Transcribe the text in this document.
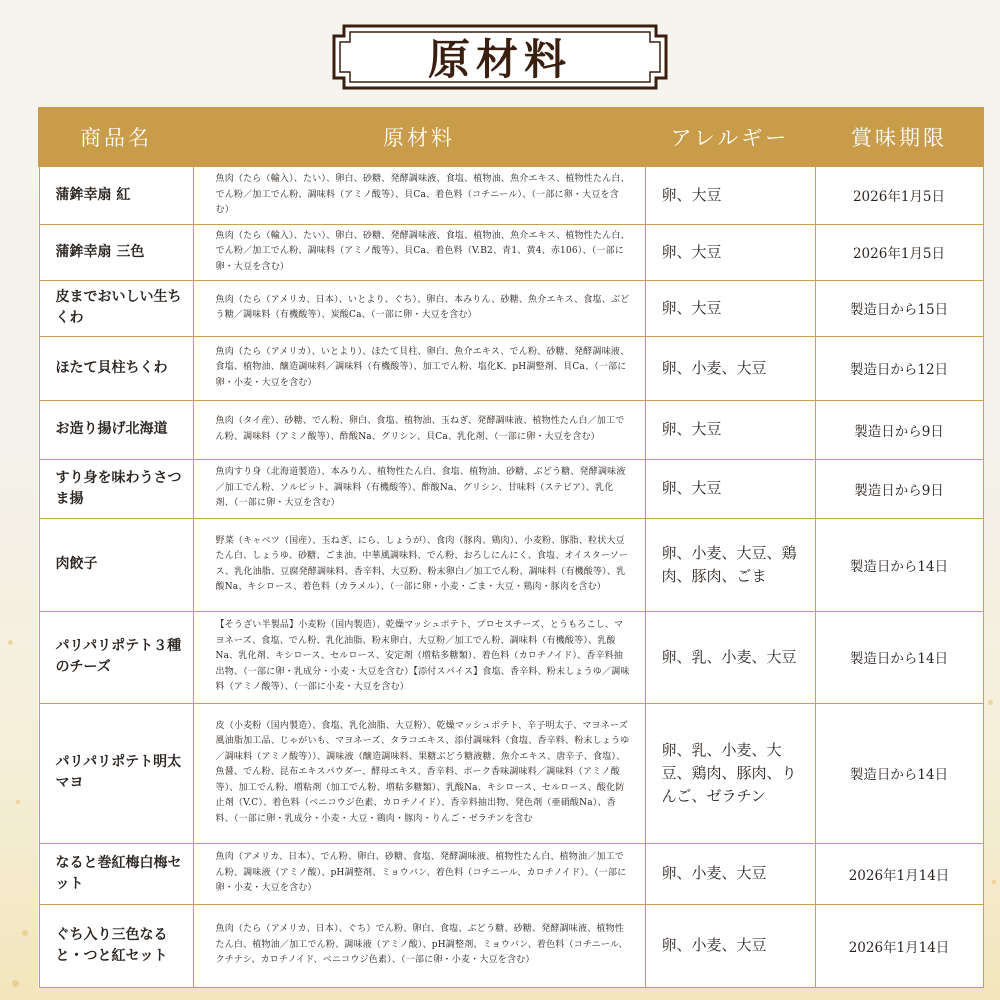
原材料
商品名	原材料	アレルギー	賞味期限
蒲鉾幸扇 紅	魚肉（たら（輸入）、たい）、卵白、砂糖、発酵調味液、食塩、植物油、魚介エキス、植物性たん白、でん粉／加工でん粉、調味料（アミノ酸等）、貝Ca、着色料（コチニール）、（一部に卵・大豆を含む）	卵、大豆	2026年1月5日
蒲鉾幸扇 三色	魚肉（たら（輸入）、たい）、卵白、砂糖、発酵調味液、食塩、植物油、魚介エキス、植物性たん白、でん粉／加工でん粉、調味料（アミノ酸等）、貝Ca、着色料（V.B2、青1、黄4、赤106）、（一部に卵・大豆を含む）	卵、大豆	2026年1月5日
皮までおいしい生ちくわ	魚肉（たら（アメリカ、日本）、いとより、ぐち）、卵白、本みりん、砂糖、魚介エキス、食塩、ぶどう糖／調味料（有機酸等）、炭酸Ca、（一部に卵・大豆を含む）	卵、大豆	製造日から15日
ほたて貝柱ちくわ	魚肉（たら（アメリカ）、いとより）、ほたて貝柱、卵白、魚介エキス、でん粉、砂糖、発酵調味液、食塩、植物油、醸造調味料／調味料（有機酸等）、加工でん粉、塩化K、pH調整剤、貝Ca、（一部に卵・小麦・大豆を含む）	卵、小麦、大豆	製造日から12日
お造り揚げ北海道	魚肉（タイ産）、砂糖、でん粉、卵白、食塩、植物油、玉ねぎ、発酵調味液、植物性たん白／加工でん粉、調味料（アミノ酸等）、酢酸Na、グリシン、貝Ca、乳化剤、（一部に卵・大豆を含む）	卵、大豆	製造日から9日
すり身を味わうさつま揚	魚肉すり身（北海道製造）、本みりん、植物性たん白、食塩、植物油、砂糖、ぶどう糖、発酵調味液／加工でん粉、ソルビット、調味料（有機酸等）、酢酸Na、グリシン、甘味料（ステビア）、乳化剤、（一部に卵・大豆を含む）	卵、大豆	製造日から9日
肉餃子	野菜（キャベツ（国産）、玉ねぎ、にら、しょうが）、食肉（豚肉、鶏肉）、小麦粉、豚脂、粒状大豆たん白、しょうゆ、砂糖、ごま油、中華風調味料、でん粉、おろしにんにく、食塩、オイスターソース、乳化油脂、豆腐発酵調味料、香辛料、大豆粉、粉末卵白／加工でん粉、調味料（有機酸等）、乳酸Na、キシロース、着色料（カラメル）、（一部に卵・小麦・ごま・大豆・鶏肉・豚肉を含む）	卵、小麦、大豆、鶏肉、豚肉、ごま	製造日から14日
パリパリポテト３種のチーズ	【そうざい半製品】小麦粉（国内製造）、乾燥マッシュポテト、プロセスチーズ、とうもろこし、マヨネーズ、食塩、でん粉、乳化油脂、粉末卵白、大豆粉／加工でん粉、調味料（有機酸等）、乳酸Na、乳化剤、キシロース、セルロース、安定剤（増粘多糖類）、着色料（カロチノイド）、香辛料抽出物、（一部に卵・乳成分・小麦・大豆を含む）【添付スパイス】食塩、香辛料、粉末しょうゆ／調味料（アミノ酸等）、（一部に小麦・大豆を含む）	卵、乳、小麦、大豆	製造日から14日
パリパリポテト明太マヨ	皮（小麦粉（国内製造）、食塩、乳化油脂、大豆粉）、乾燥マッシュポテト、辛子明太子、マヨネーズ風油脂加工品、じゃがいも、マヨネーズ、タラコエキス、添付調味料（食塩、香辛料、粉末しょうゆ／調味料（アミノ酸等））、調味液（醸造調味料、果糖ぶどう糖液糖、魚介エキス、唐辛子、食塩）、魚醤、でん粉、昆布エキスパウダー、酵母エキス、香辛料、ポーク香味調味料／調味料（アミノ酸等）、加工でん粉、増粘剤（加工でん粉、増粘多糖類）、乳酸Na、キシロース、セルロース、酸化防止剤（V.C）、着色料（ベニコウジ色素、カロチノイド）、香辛料抽出物、発色剤（亜硝酸Na）、香料、（一部に卵・乳成分・小麦・大豆・鶏肉・豚肉・りんご・ゼラチンを含む	卵、乳、小麦、大豆、鶏肉、豚肉、りんご、ゼラチン	製造日から14日
なると巻紅梅白梅セット	魚肉（アメリカ、日本）、でん粉、卵白、砂糖、食塩、発酵調味液、植物性たん白、植物油／加工でん粉、調味液（アミノ酸）、pH調整剤、ミョウバン、着色料（コチニール、カロチノイド）、（一部に卵・小麦・大豆を含む）	卵、小麦、大豆	2026年1月14日
ぐち入り三色なると・つと紅セット	魚肉（たら（アメリカ、日本）、ぐち）でん粉、卵白、食塩、ぶどう糖、砂糖、発酵調味液、植物性たん白、植物油／加工でん粉、調味液（アミノ酸）、pH調整剤、ミョウバン、着色料（コチニール、クチナシ、カロチノイド、ベニコウジ色素）、（一部に卵・小麦・大豆を含む）	卵、小麦、大豆	2026年1月14日
